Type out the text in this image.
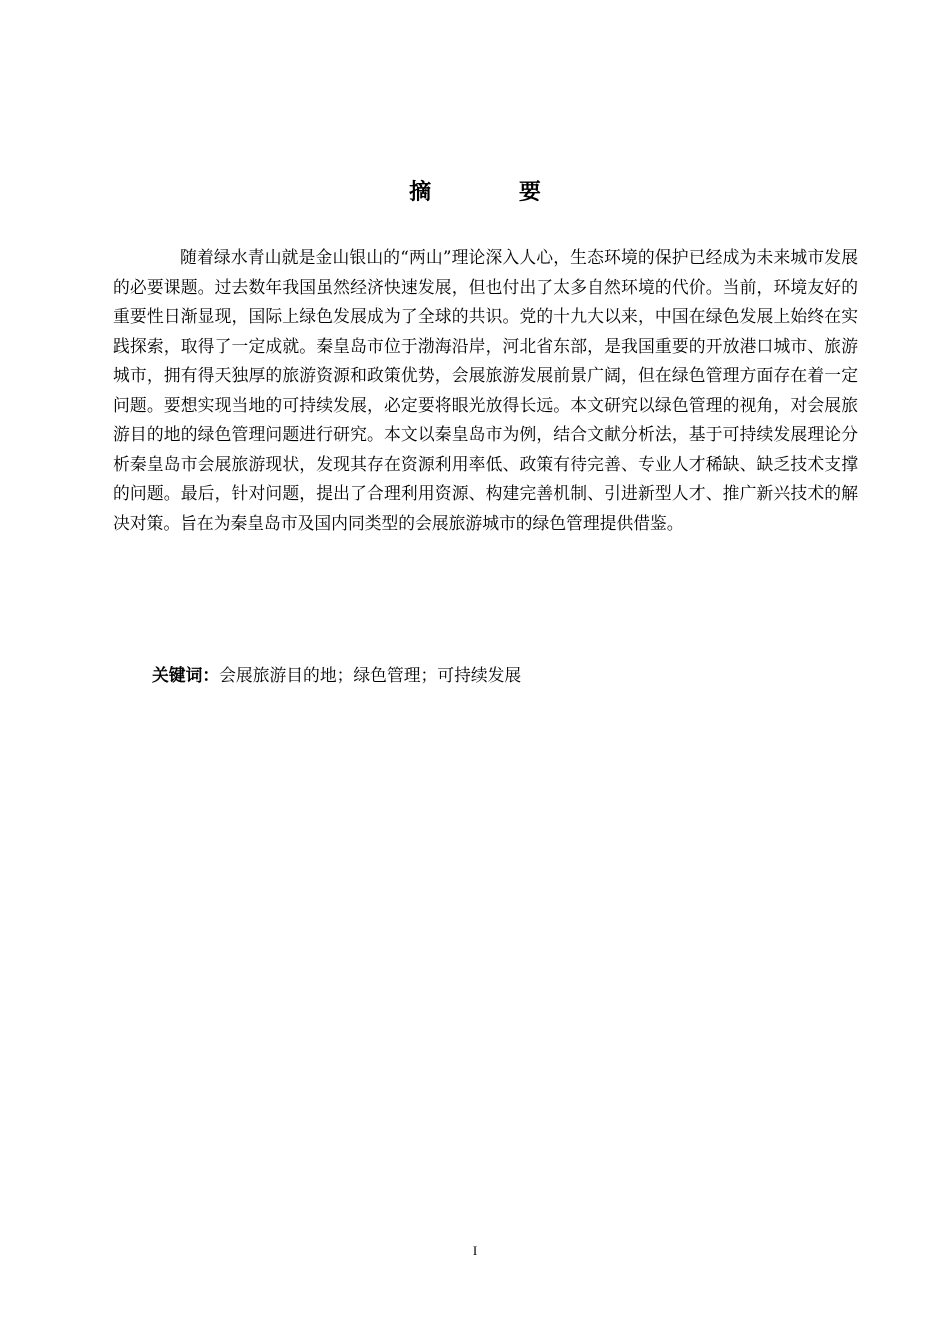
摘 要

随着绿水青山就是金山银山的“两山”理论深入人心，生态环境的保护已经成为未来城市发展的必要课题。过去数年我国虽然经济快速发展，但也付出了太多自然环境的代价。当前，环境友好的重要性日渐显现，国际上绿色发展成为了全球的共识。党的十九大以来，中国在绿色发展上始终在实践探索，取得了一定成就。秦皇岛市位于渤海沿岸，河北省东部，是我国重要的开放港口城市、旅游城市，拥有得天独厚的旅游资源和政策优势，会展旅游发展前景广阔，但在绿色管理方面存在着一定问题。要想实现当地的可持续发展，必定要将眼光放得长远。本文研究以绿色管理的视角，对会展旅游目的地的绿色管理问题进行研究。本文以秦皇岛市为例，结合文献分析法，基于可持续发展理论分析秦皇岛市会展旅游现状，发现其存在资源利用率低、政策有待完善、专业人才稀缺、缺乏技术支撑的问题。最后，针对问题，提出了合理利用资源、构建完善机制、引进新型人才、推广新兴技术的解决对策。旨在为秦皇岛市及国内同类型的会展旅游城市的绿色管理提供借鉴。

关键词：会展旅游目的地；绿色管理；可持续发展
I
